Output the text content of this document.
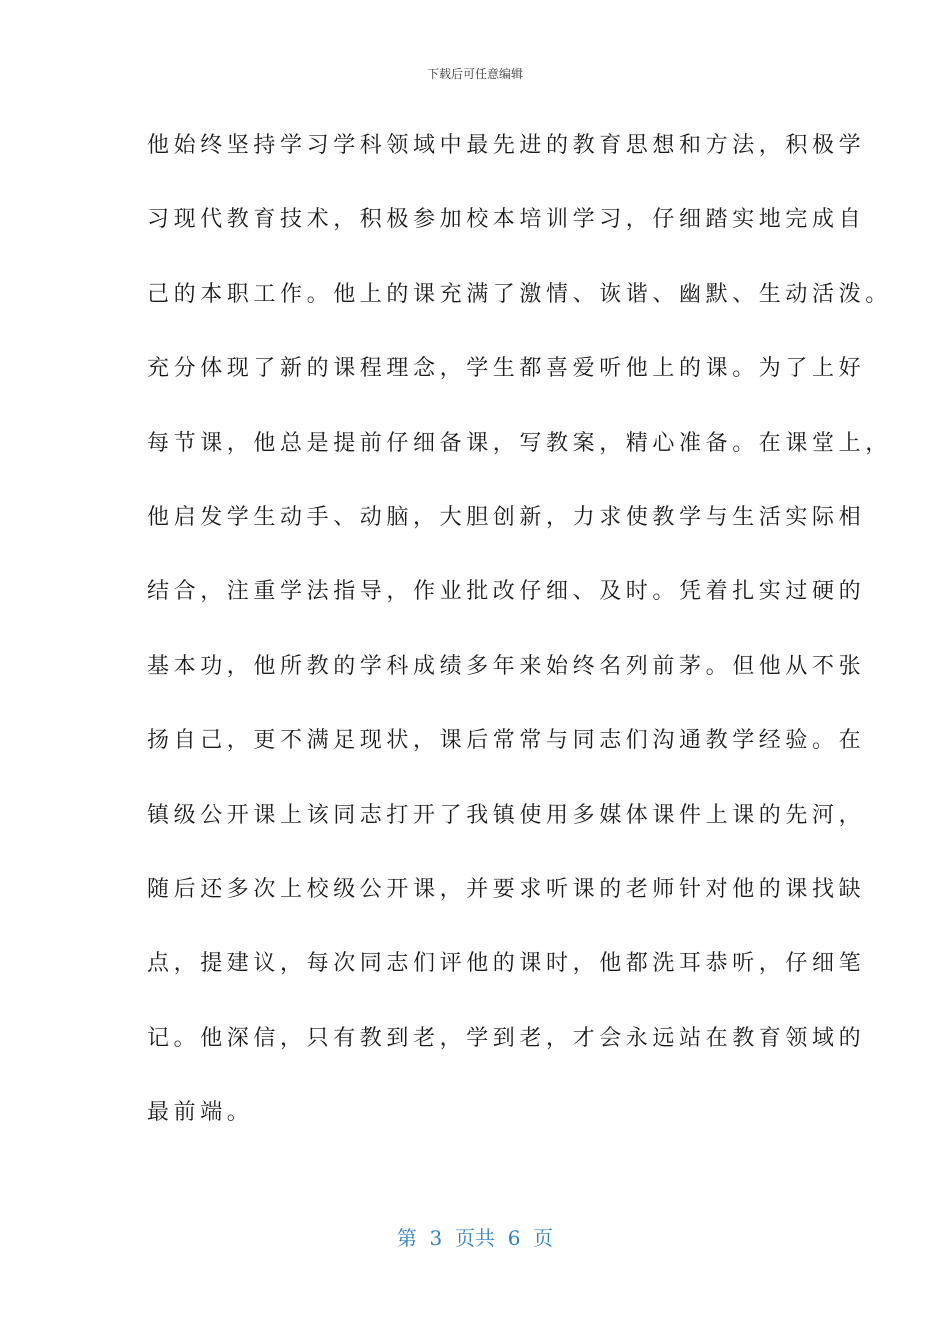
下载后可任意编辑
他始终坚持学习学科领域中最先进的教育思想和方法，积极学
习现代教育技术，积极参加校本培训学习，仔细踏实地完成自
己的本职工作。他上的课充满了激情、诙谐、幽默、生动活泼。
充分体现了新的课程理念，学生都喜爱听他上的课。为了上好
每节课，他总是提前仔细备课，写教案，精心准备。在课堂上，
他启发学生动手、动脑，大胆创新，力求使教学与生活实际相
结合，注重学法指导，作业批改仔细、及时。凭着扎实过硬的
基本功，他所教的学科成绩多年来始终名列前茅。但他从不张
扬自己，更不满足现状，课后常常与同志们沟通教学经验。在
镇级公开课上该同志打开了我镇使用多媒体课件上课的先河，
随后还多次上校级公开课，并要求听课的老师针对他的课找缺
点，提建议，每次同志们评他的课时，他都洗耳恭听，仔细笔
记。他深信，只有教到老，学到老，才会永远站在教育领域的
最前端。
第  3  页共  6  页
